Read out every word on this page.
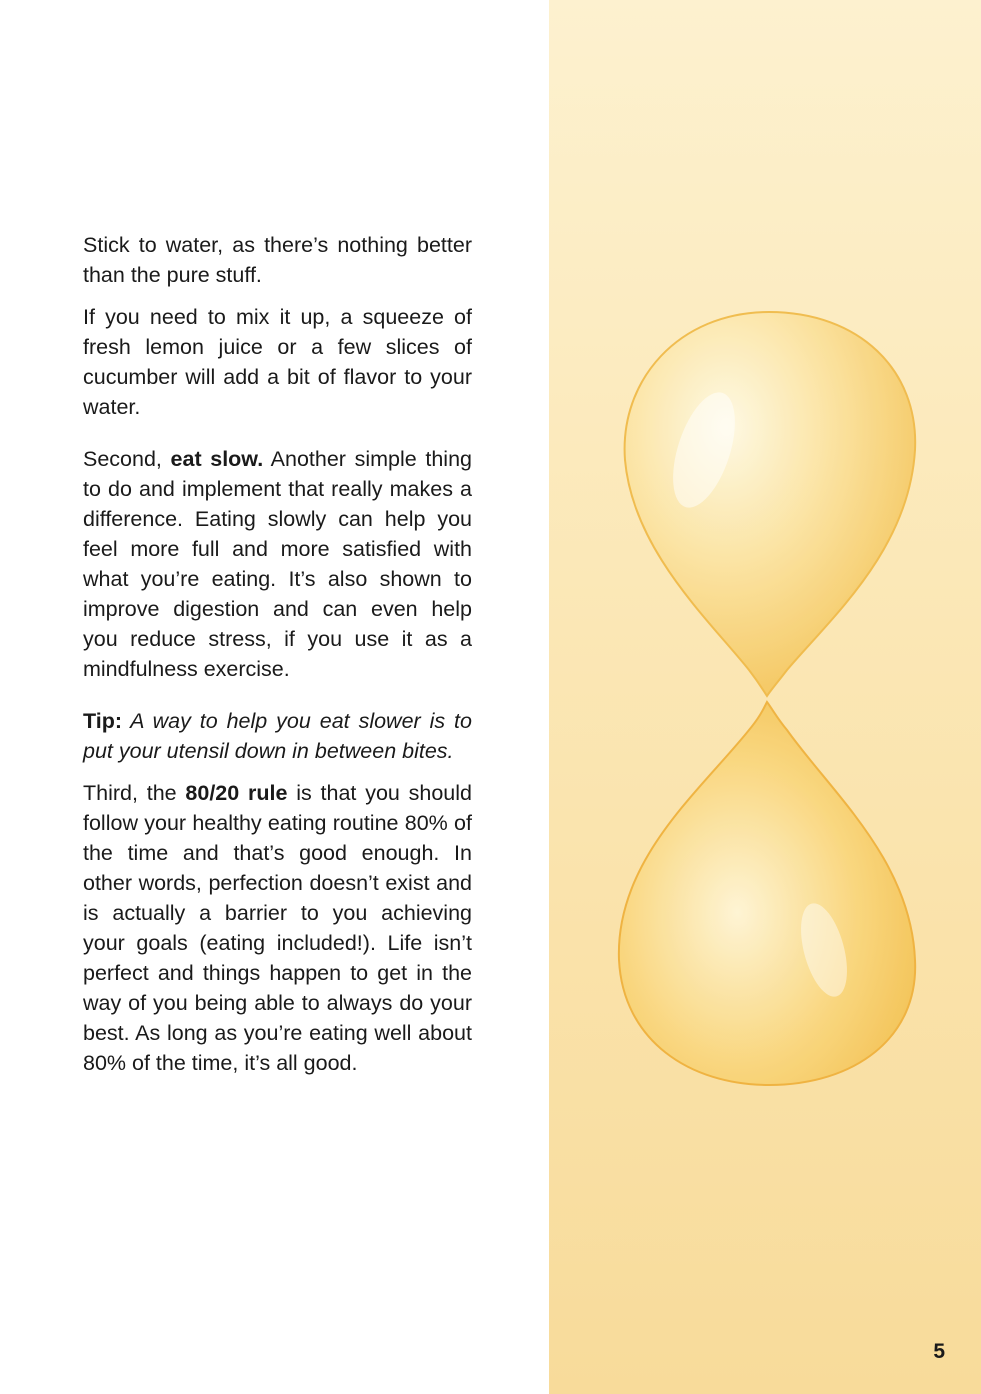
Stick to water, as there’s nothing better than the pure stuff.

If you need to mix it up, a squeeze of fresh lemon juice or a few slices of cucumber will add a bit of flavor to your water.

Second, eat slow. Another simple thing to do and implement that really makes a difference. Eating slowly can help you feel more full and more satisfied with what you’re eating. It’s also shown to improve digestion and can even help you reduce stress, if you use it as a mindfulness exercise.

Tip: A way to help you eat slower is to put your utensil down in between bites.

Third, the 80/20 rule is that you should follow your healthy eating routine 80% of the time and that’s good enough. In other words, perfection doesn’t exist and is actually a barrier to you achieving your goals (eating included!). Life isn’t perfect and things happen to get in the way of you being able to always do your best. As long as you’re eating well about 80% of the time, it’s all good.

5
